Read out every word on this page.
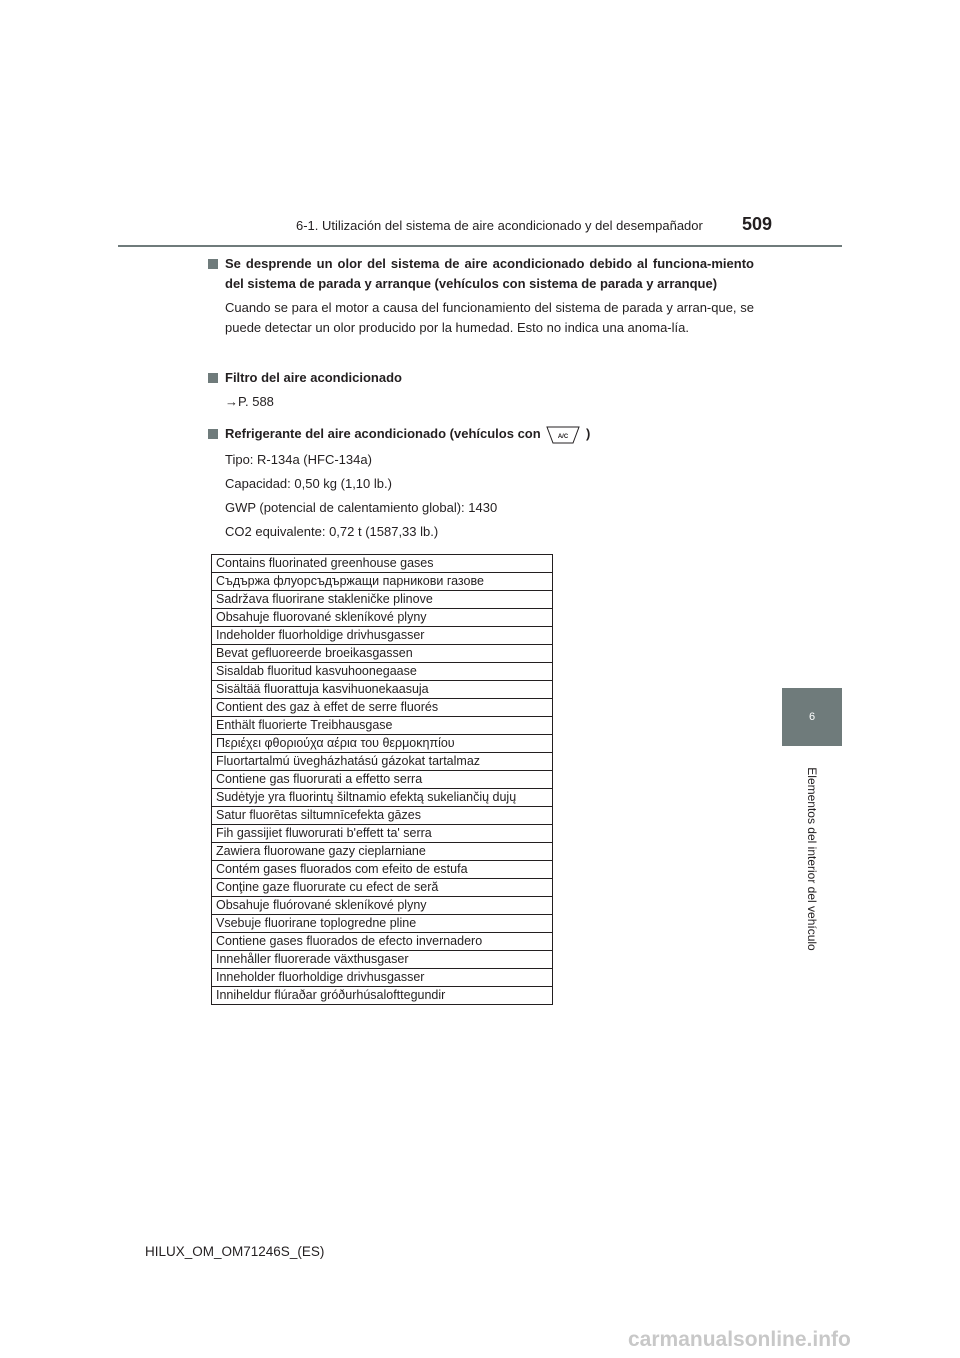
6-1. Utilización del sistema de aire acondicionado y del desempañador 509
6
Elementos del interior del vehículo
Se desprende un olor del sistema de aire acondicionado debido al funciona-miento del sistema de parada y arranque (vehículos con sistema de parada y arranque)
Cuando se para el motor a causa del funcionamiento del sistema de parada y arran-que, se puede detectar un olor producido por la humedad. Esto no indica una anoma-lía.
Filtro del aire acondicionado
→P. 588
Refrigerante del aire acondicionado (vehículos con	A/C )
Tipo: R-134a (HFC-134a)
Capacidad: 0,50 kg (1,10 lb.)
GWP (potencial de calentamiento global): 1430
CO2 equivalente: 0,72 t (1587,33 lb.)
Contains fluorinated greenhouse gases
Съдържа флуорсъдържащи парникови газове
Sadržava fluorirane stakleničke plinove
Obsahuje fluorované skleníkové plyny
Indeholder fluorholdige drivhusgasser
Bevat gefluoreerde broeikasgassen
Sisaldab fluoritud kasvuhoonegaase
Sisältää fluorattuja kasvihuonekaasuja
Contient des gaz à effet de serre fluorés
Enthält fluorierte Treibhausgase
Περιέχει φθοριούχα αέρια του θερμοκηπίου
Fluortartalmú üvegházhatású gázokat tartalmaz
Contiene gas fluorurati a effetto serra
Sudėtyje yra fluorintų šiltnamio efektą sukeliančių dujų
Satur fluorētas siltumnīcefekta gāzes
Fih gassijiet fluworurati b'effett ta' serra
Zawiera fluorowane gazy cieplarniane
Contém gases fluorados com efeito de estufa
Conţine gaze fluorurate cu efect de seră
Obsahuje fluórované skleníkové plyny
Vsebuje fluorirane toplogredne pline
Contiene gases fluorados de efecto invernadero
Innehåller fluorerade växthusgaser
Inneholder fluorholdige drivhusgasser
Inniheldur flúraðar gróðurhúsalofttegundir
HILUX_OM_OM71246S_(ES)
carmanualsonline.info
